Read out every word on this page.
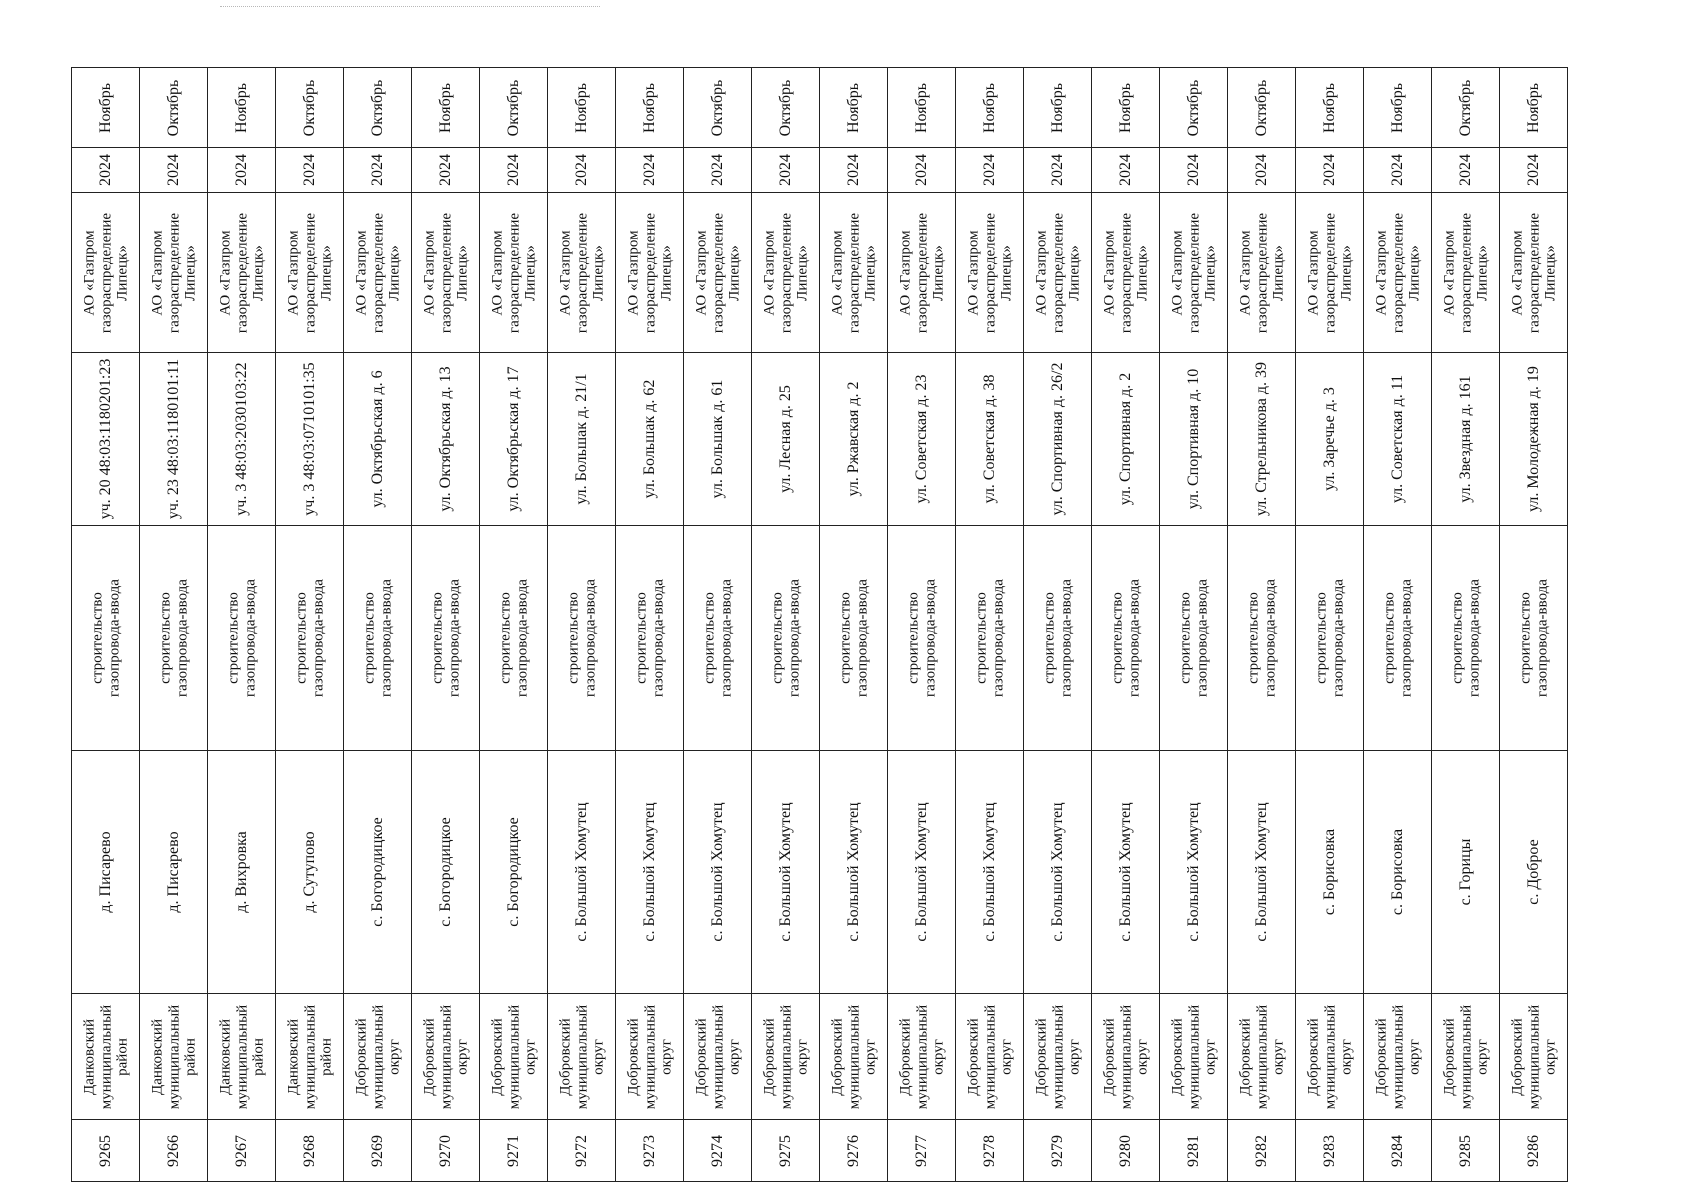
Ноябрь	Октябрь	Ноябрь	Октябрь	Октябрь	Ноябрь	Октябрь	Ноябрь	Ноябрь	Октябрь	Октябрь	Ноябрь	Ноябрь	Ноябрь	Ноябрь	Ноябрь	Октябрь	Октябрь	Ноябрь	Ноябрь	Октябрь	Ноябрь

2024	2024	2024	2024	2024	2024	2024	2024	2024	2024	2024	2024	2024	2024	2024	2024	2024	2024	2024	2024	2024	2024

АО «Газпром газораспределение Липецк»	АО «Газпром газораспределение Липецк»	АО «Газпром газораспределение Липецк»	АО «Газпром газораспределение Липецк»	АО «Газпром газораспределение Липецк»	АО «Газпром газораспределение Липецк»	АО «Газпром газораспределение Липецк»	АО «Газпром газораспределение Липецк»	АО «Газпром газораспределение Липецк»	АО «Газпром газораспределение Липецк»	АО «Газпром газораспределение Липецк»	АО «Газпром газораспределение Липецк»	АО «Газпром газораспределение Липецк»	АО «Газпром газораспределение Липецк»	АО «Газпром газораспределение Липецк»	АО «Газпром газораспределение Липецк»	АО «Газпром газораспределение Липецк»	АО «Газпром газораспределение Липецк»	АО «Газпром газораспределение Липецк»	АО «Газпром газораспределение Липецк»	АО «Газпром газораспределение Липецк»	АО «Газпром газораспределение Липецк»

уч. 20 48:03:1180201:23	уч. 23 48:03:1180101:11	уч. 3 48:03:2030103:22	уч. 3 48:03:0710101:35	ул. Октябрьская д. 6	ул. Октябрьская д. 13	ул. Октябрьская д. 17	ул. Большак д. 21/1	ул. Большак д. 62	ул. Большак д. 61	ул. Лесная д. 25	ул. Ржавская д. 2	ул. Советская д. 23	ул. Советская д. 38	ул. Спортивная д. 26/2	ул. Спортивная д. 2	ул. Спортивная д. 10	ул. Стрельникова д. 39	ул. Заречье д. 3	ул. Советская д. 11	ул. Звездная д. 161	ул. Молодежная д. 19

строительство газопровода-ввода	строительство газопровода-ввода	строительство газопровода-ввода	строительство газопровода-ввода	строительство газопровода-ввода	строительство газопровода-ввода	строительство газопровода-ввода	строительство газопровода-ввода	строительство газопровода-ввода	строительство газопровода-ввода	строительство газопровода-ввода	строительство газопровода-ввода	строительство газопровода-ввода	строительство газопровода-ввода	строительство газопровода-ввода	строительство газопровода-ввода	строительство газопровода-ввода	строительство газопровода-ввода	строительство газопровода-ввода	строительство газопровода-ввода	строительство газопровода-ввода	строительство газопровода-ввода

д. Писарево	д. Писарево	д. Вихровка	д. Сутупово	с. Богородицкое	с. Богородицкое	с. Богородицкое	с. Большой Хомутец	с. Большой Хомутец	с. Большой Хомутец	с. Большой Хомутец	с. Большой Хомутец	с. Большой Хомутец	с. Большой Хомутец	с. Большой Хомутец	с. Большой Хомутец	с. Большой Хомутец	с. Большой Хомутец	с. Борисовка	с. Борисовка	с. Горицы	с. Доброе

Данковский муниципальный район	Данковский муниципальный район	Данковский муниципальный район	Данковский муниципальный район	Добровский муниципальный округ	Добровский муниципальный округ	Добровский муниципальный округ	Добровский муниципальный округ	Добровский муниципальный округ	Добровский муниципальный округ	Добровский муниципальный округ	Добровский муниципальный округ	Добровский муниципальный округ	Добровский муниципальный округ	Добровский муниципальный округ	Добровский муниципальный округ	Добровский муниципальный округ	Добровский муниципальный округ	Добровский муниципальный округ	Добровский муниципальный округ	Добровский муниципальный округ	Добровский муниципальный округ

9265	9266	9267	9268	9269	9270	9271	9272	9273	9274	9275	9276	9277	9278	9279	9280	9281	9282	9283	9284	9285	9286
